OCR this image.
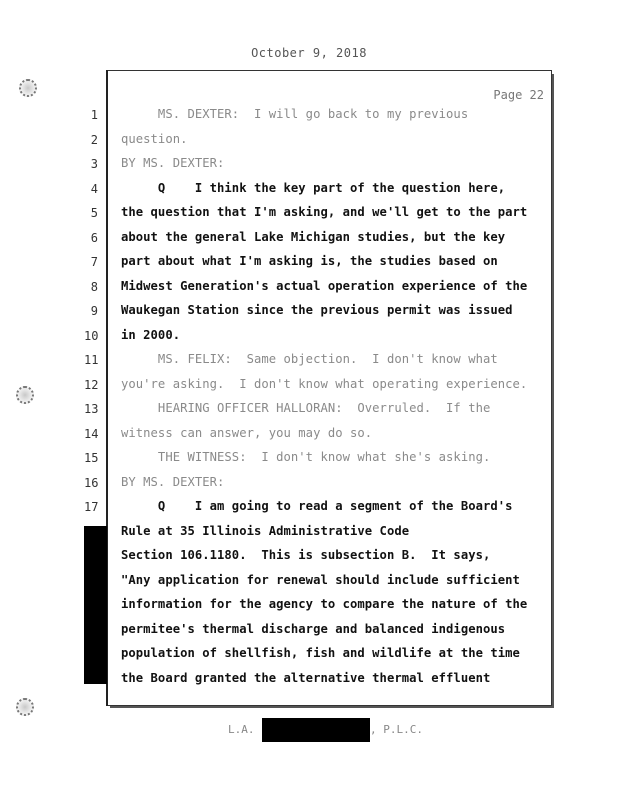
October 9, 2018
Page 22
1 MS. DEXTER:  I will go back to my previous
2 question.
3 BY MS. DEXTER:
4 Q    I think the key part of the question here,
5 the question that I'm asking, and we'll get to the part
6 about the general Lake Michigan studies, but the key
7 part about what I'm asking is, the studies based on
8 Midwest Generation's actual operation experience of the
9 Waukegan Station since the previous permit was issued
10 in 2000.
11 MS. FELIX:  Same objection.  I don't know what
12 you're asking.  I don't know what operating experience.
13 HEARING OFFICER HALLORAN:  Overruled.  If the
14 witness can answer, you may do so.
15 THE WITNESS:  I don't know what she's asking.
16 BY MS. DEXTER:
17 Q    I am going to read a segment of the Board's
Rule at 35 Illinois Administrative Code
Section 106.1180.  This is subsection B.  It says,
"Any application for renewal should include sufficient
information for the agency to compare the nature of the
permitee's thermal discharge and balanced indigenous
population of shellfish, fish and wildlife at the time
the Board granted the alternative thermal effluent
L.A.	, P.L.C.
